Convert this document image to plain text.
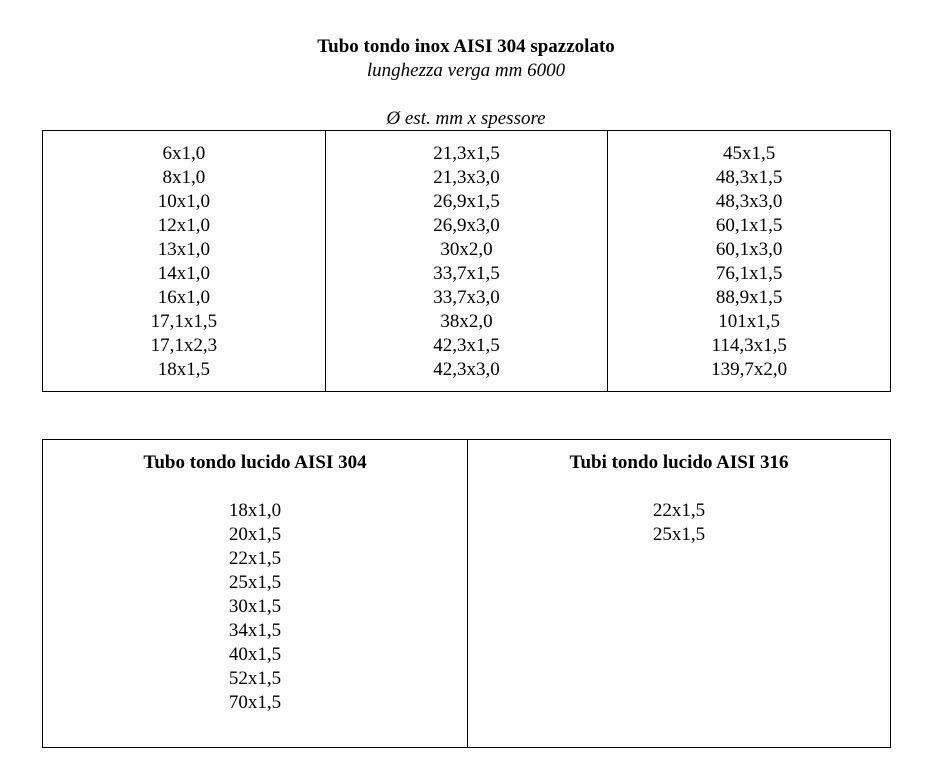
Tubo tondo inox AISI 304 spazzolato
lunghezza verga mm 6000
Ø est. mm x spessore
6x1,0
8x1,0
10x1,0
12x1,0
13x1,0
14x1,0
16x1,0
17,1x1,5
17,1x2,3
18x1,5
21,3x1,5
21,3x3,0
26,9x1,5
26,9x3,0
30x2,0
33,7x1,5
33,7x3,0
38x2,0
42,3x1,5
42,3x3,0
45x1,5
48,3x1,5
48,3x3,0
60,1x1,5
60,1x3,0
76,1x1,5
88,9x1,5
101x1,5
114,3x1,5
139,7x2,0
Tubo tondo lucido AISI 304
18x1,0
20x1,5
22x1,5
25x1,5
30x1,5
34x1,5
40x1,5
52x1,5
70x1,5
Tubi tondo lucido AISI 316
22x1,5
25x1,5
